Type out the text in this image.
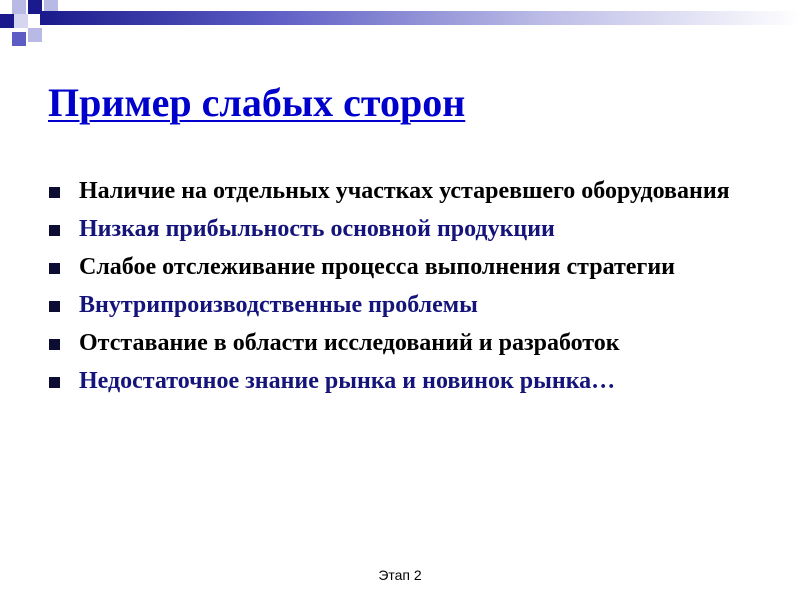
Пример слабых сторон
Наличие на отдельных участках устаревшего оборудования
Низкая прибыльность основной продукции
Слабое отслеживание процесса выполнения стратегии
Внутрипроизводственные проблемы
Отставание в области исследований и разработок
Недостаточное знание рынка и новинок рынка…
Этап 2
